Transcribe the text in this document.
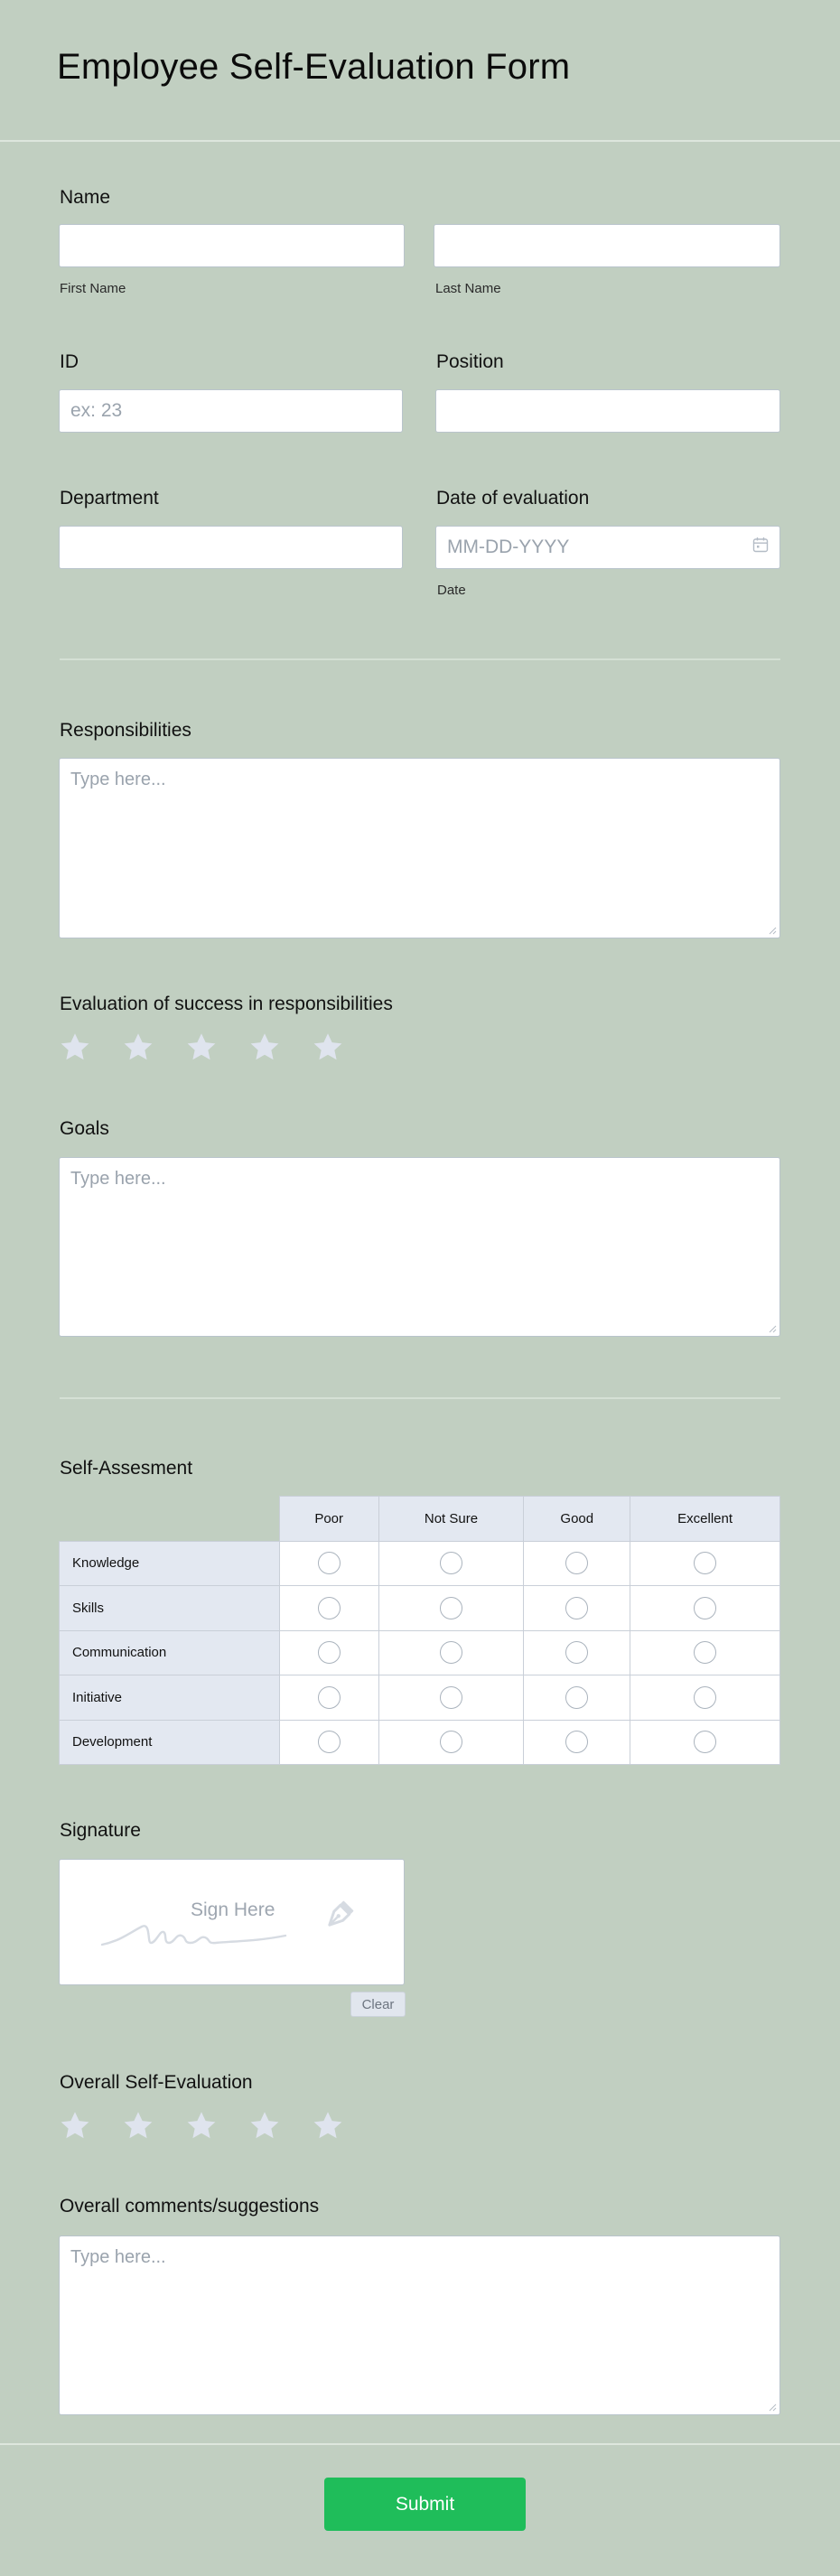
Employee Self-Evaluation Form
Name
First Name	Last Name
ID
ex: 23
Position
Department	Date of evaluation
MM-DD-YYYY
Date
Responsibilities
Type here...
Evaluation of success in responsibilities
Goals
Type here...
Self-Assesment
	Poor	Not Sure	Good	Excellent
Knowledge				
Skills				
Communication				
Initiative				
Development				
Signature
Sign Here
Clear
Overall Self-Evaluation
Overall comments/suggestions
Type here...
Submit
